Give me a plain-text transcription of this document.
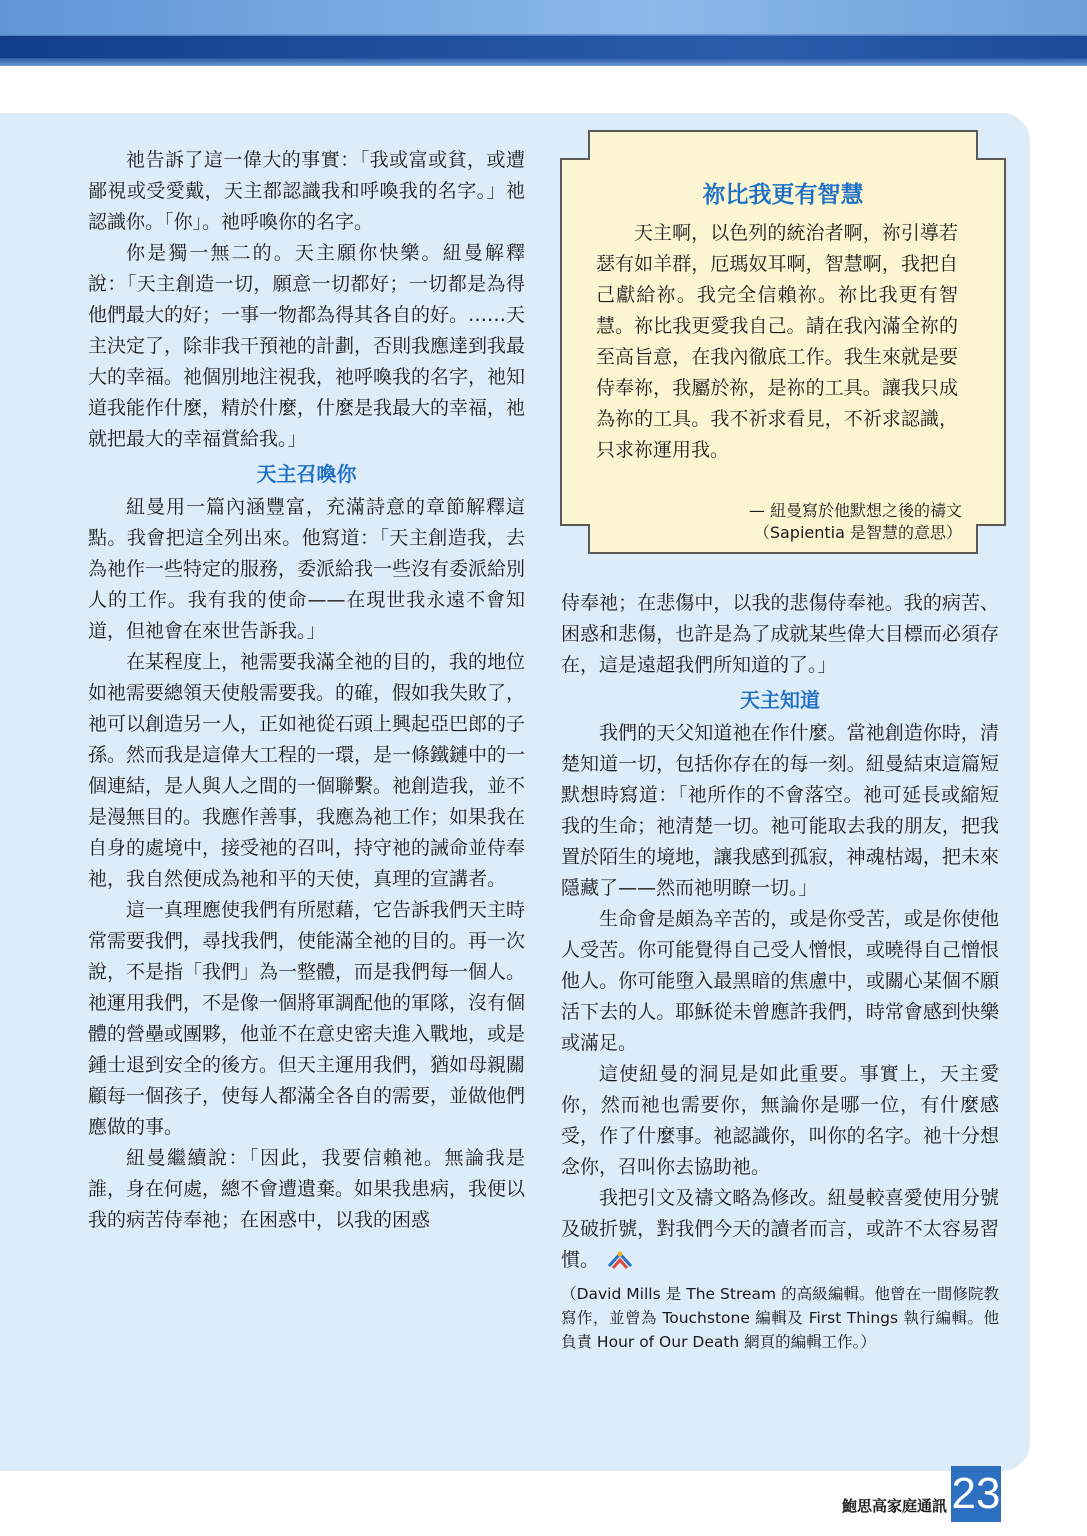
祂告訴了這一偉大的事實：「我或富或貧，或遭鄙視或受愛戴，天主都認識我和呼喚我的名字。」祂認識你。「你」。祂呼喚你的名字。

你是獨一無二的。天主願你快樂。紐曼解釋說：「天主創造一切，願意一切都好；一切都是為得他們最大的好；一事一物都為得其各自的好。……天主決定了，除非我干預祂的計劃，否則我應達到我最大的幸福。祂個別地注視我，祂呼喚我的名字，祂知道我能作什麼，精於什麼，什麼是我最大的幸福，祂就把最大的幸福賞給我。」

天主召喚你

紐曼用一篇內涵豐富，充滿詩意的章節解釋這點。我會把這全列出來。他寫道：「天主創造我，去為祂作一些特定的服務，委派給我一些沒有委派給別人的工作。我有我的使命——在現世我永遠不會知道，但祂會在來世告訴我。」

在某程度上，祂需要我滿全祂的目的，我的地位如祂需要總領天使般需要我。的確，假如我失敗了，祂可以創造另一人，正如祂從石頭上興起亞巴郎的子孫。然而我是這偉大工程的一環，是一條鐵鏈中的一個連結，是人與人之間的一個聯繫。祂創造我，並不是漫無目的。我應作善事，我應為祂工作；如果我在自身的處境中，接受祂的召叫，持守祂的誡命並侍奉祂，我自然便成為祂和平的天使，真理的宣講者。

這一真理應使我們有所慰藉，它告訴我們天主時常需要我們，尋找我們，使能滿全祂的目的。再一次說，不是指「我們」為一整體，而是我們每一個人。祂運用我們，不是像一個將軍調配他的軍隊，沒有個體的營壘或團夥，他並不在意史密夫進入戰地，或是鍾士退到安全的後方。但天主運用我們，猶如母親關顧每一個孩子，使每人都滿全各自的需要，並做他們應做的事。

紐曼繼續說：「因此，我要信賴祂。無論我是誰，身在何處，總不會遭遺棄。如果我患病，我便以我的病苦侍奉祂；在困惑中，以我的困惑

祢比我更有智慧

天主啊，以色列的統治者啊，祢引導若瑟有如羊群，厄瑪奴耳啊，智慧啊，我把自己獻給祢。我完全信賴祢。祢比我更有智慧。祢比我更愛我自己。請在我內滿全祢的至高旨意，在我內徹底工作。我生來就是要侍奉祢，我屬於祢，是祢的工具。讓我只成為祢的工具。我不祈求看見，不祈求認識，只求祢運用我。

— 紐曼寫於他默想之後的禱文
（Sapientia 是智慧的意思）

侍奉祂；在悲傷中，以我的悲傷侍奉祂。我的病苦、困惑和悲傷，也許是為了成就某些偉大目標而必須存在，這是遠超我們所知道的了。」

天主知道

我們的天父知道祂在作什麼。當祂創造你時，清楚知道一切，包括你存在的每一刻。紐曼結束這篇短默想時寫道：「祂所作的不會落空。祂可延長或縮短我的生命；祂清楚一切。祂可能取去我的朋友，把我置於陌生的境地，讓我感到孤寂，神魂枯竭，把未來隱藏了——然而祂明瞭一切。」

生命會是頗為辛苦的，或是你受苦，或是你使他人受苦。你可能覺得自己受人憎恨，或曉得自己憎恨他人。你可能墮入最黑暗的焦慮中，或關心某個不願活下去的人。耶穌從未曾應許我們，時常會感到快樂或滿足。

這使紐曼的洞見是如此重要。事實上，天主愛你，然而祂也需要你，無論你是哪一位，有什麼感受，作了什麼事。祂認識你，叫你的名字。祂十分想念你，召叫你去協助祂。

我把引文及禱文略為修改。紐曼較喜愛使用分號及破折號，對我們今天的讀者而言，或許不太容易習慣。

（David Mills 是 The Stream 的高級編輯。他曾在一間修院教寫作，並曾為 Touchstone 編輯及 First Things 執行編輯。他負責 Hour of Our Death 網頁的編輯工作。）

鮑思高家庭通訊 23
